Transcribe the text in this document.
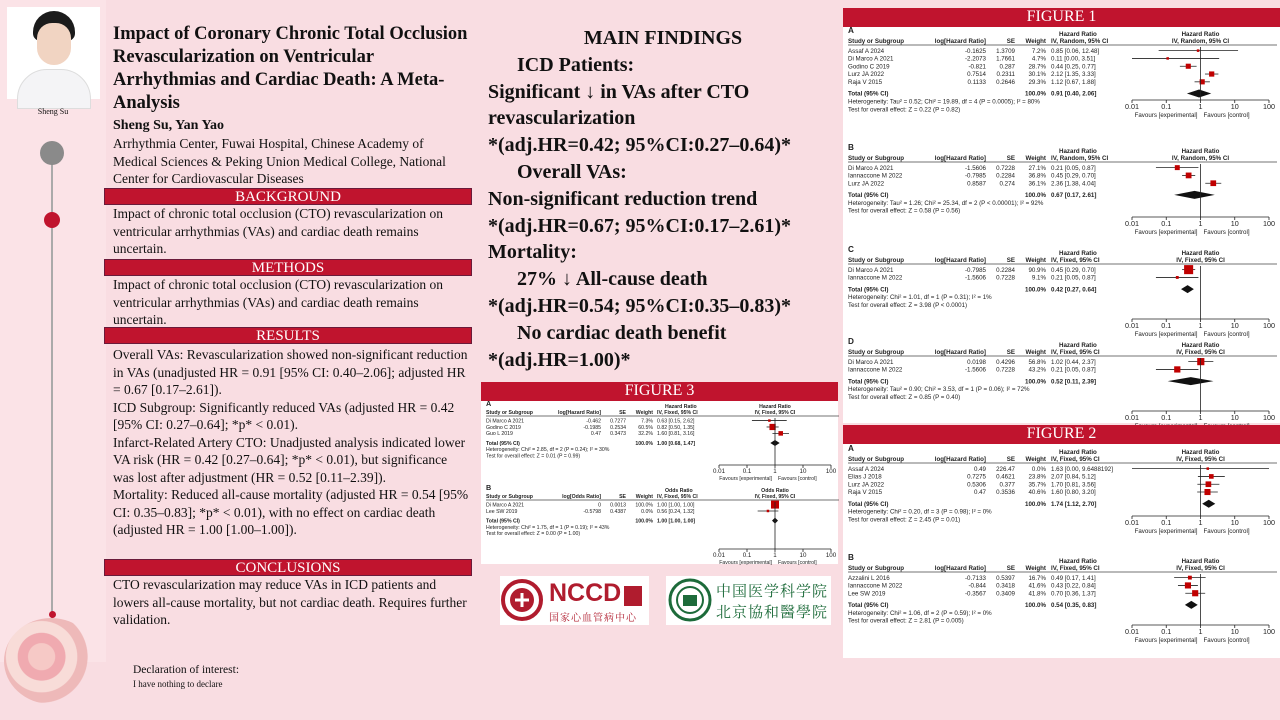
Sheng Su
Impact of Coronary Chronic Total Occlusion Revascularization on Ventricular Arrhythmias and Cardiac Death: A Meta-Analysis
Sheng Su, Yan Yao
Arrhythmia Center, Fuwai Hospital, Chinese Academy of Medical Sciences & Peking Union Medical College, National Center for Cardiovascular Diseases
BACKGROUND
Impact of chronic total occlusion (CTO) revascularization on ventricular arrhythmias (VAs) and cardiac death remains uncertain.
METHODS
Impact of chronic total occlusion (CTO) revascularization on ventricular arrhythmias (VAs) and cardiac death remains uncertain.
RESULTS
Overall VAs: Revascularization showed non-significant reduction in VAs (unadjusted HR = 0.91 [95% CI: 0.40–2.06]; adjusted HR = 0.67 [0.17–2.61]).
ICD Subgroup: Significantly reduced VAs (adjusted HR = 0.42 [95% CI: 0.27–0.64]; *p* < 0.01).
Infarct-Related Artery CTO: Unadjusted analysis indicated lower VA risk (HR = 0.42 [0.27–0.64]; *p* < 0.01), but significance was lost after adjustment (HR = 0.52 [0.11–2.39]).
Mortality: Reduced all-cause mortality (adjusted HR = 0.54 [95% CI: 0.35–0.83]; *p* < 0.01), with no effect on cardiac death (adjusted HR = 1.00 [1.00–1.00]).
CONCLUSIONS
CTO revascularization may reduce VAs in ICD patients and lowers all-cause mortality, but not cardiac death. Requires further validation.
Declaration of interest:
I have nothing to declare
MAIN FINDINGS
ICD Patients:
Significant ↓ in VAs after CTO
revascularization
*(adj.HR=0.42; 95%CI:0.27–0.64)*
Overall VAs:
Non-significant reduction trend
*(adj.HR=0.67; 95%CI:0.17–2.61)*
Mortality:
27% ↓ All-cause death
*(adj.HR=0.54; 95%CI:0.35–0.83)*
No cardiac death benefit
*(adj.HR=1.00)*
FIGURE 3
A	Hazard Ratio
IV, Fixed, 95% CI
Hazard Ratio
IV, Fixed, 95% CI
Study or Subgroup	log[Hazard Ratio]	SE Weight
Di Marco A 2021	-0.462 0.7277	7.3% 0.63 [0.15, 2.62]
Godino C 2019	-0.1985 0.2534 60.5% 0.82 [0.50, 1.35]
Guo L 2019	0.47 0.3473 32.2% 1.60 [0.81, 3.16]
Total (95% CI)	100.0% 1.00 [0.68, 1.47]
Heterogeneity: Chi² = 2.85, df = 2 (P = 0.24); I² = 30%
Test for overall effect: Z = 0.01 (P = 0.99)
0.01	0.1	1	10	100
Favours [experimental] Favours [control]
B	Odds Ratio
IV, Fixed, 95% CI
Odds Ratio
IV, Fixed, 95% CI
Study or Subgroup	log[Odds Ratio]	SE Weight
Di Marco A 2021	0 0.0013 100.0% 1.00 [1.00, 1.00]
Lee SW 2019	-0.5798 0.4387	0.0% 0.56 [0.24, 1.32]
Total (95% CI)	100.0% 1.00 [1.00, 1.00]
Heterogeneity: Chi² = 1.75, df = 1 (P = 0.19); I² = 43%
Test for overall effect: Z = 0.00 (P = 1.00)
0.01	0.1	1	10	100
Favours [experimental] Favours [control]
NCCD
国家心血管病中心
中国医学科学院
北京協和醫學院
FIGURE 1
A	Hazard Ratio
IV, Random, 95% CI
Hazard Ratio
IV, Random, 95% CI
Study or Subgroup	log[Hazard Ratio]	SE Weight
Assaf A 2024	-0.1625 1.3709	7.2% 0.85 [0.06, 12.48]
Di Marco A 2021	-2.2073 1.7661	4.7% 0.11 [0.00, 3.51]
Godino C 2019	-0.821 0.287 28.7% 0.44 [0.25, 0.77]
Lurz JA 2022	0.7514 0.2311 30.1% 2.12 [1.35, 3.33]
Raja V 2015	0.1133 0.2646 29.3% 1.12 [0.67, 1.88]
Total (95% CI)	100.0% 0.91 [0.40, 2.06]
Heterogeneity: Tau² = 0.52; Chi² = 19.89, df = 4 (P = 0.0005); I² = 80%
Test for overall effect: Z = 0.22 (P = 0.82)	0.01	0.1	1	10	100
Favours [experimental] Favours [control]
B	Hazard Ratio
IV, Random, 95% CI
Hazard Ratio
IV, Random, 95% CI
Study or Subgroup	log[Hazard Ratio]	SE Weight
Di Marco A 2021	-1.5606 0.7228 27.1% 0.21 [0.05, 0.87]
Iannaccone M 2022	-0.7985 0.2284 36.8% 0.45 [0.29, 0.70]
Lurz JA 2022	0.8587 0.274 36.1% 2.36 [1.38, 4.04]
Total (95% CI)	100.0% 0.67 [0.17, 2.61]
Heterogeneity: Tau² = 1.26; Chi² = 25.34, df = 2 (P < 0.00001); I² = 92%
Test for overall effect: Z = 0.58 (P = 0.56)
0.01	0.1	1	10	100
Favours [experimental] Favours [control]
C	Hazard Ratio
IV, Fixed, 95% CI
Hazard Ratio
IV, Fixed, 95% CI
Study or Subgroup	log[Hazard Ratio]	SE Weight
Di Marco A 2021	-0.7985 0.2284 90.9% 0.45 [0.29, 0.70]
Iannaccone M 2022	-1.5606 0.7228	9.1% 0.21 [0.05, 0.87]
Total (95% CI)	100.0% 0.42 [0.27, 0.64]
Heterogeneity: Chi² = 1.01, df = 1 (P = 0.31); I² = 1%
Test for overall effect: Z = 3.98 (P < 0.0001)
0.01	0.1	1	10	100
Favours [experimental] Favours [control]
D	Hazard Ratio
IV, Fixed, 95% CI
Hazard Ratio
IV, Fixed, 95% CI
Study or Subgroup	log[Hazard Ratio]	SE Weight
Di Marco A 2021	0.0198 0.4296 56.8% 1.02 [0.44, 2.37]
Iannaccone M 2022	-1.5606 0.7228 43.2% 0.21 [0.05, 0.87]
Total (95% CI)	100.0% 0.52 [0.11, 2.39]
Heterogeneity: Tau² = 0.90; Chi² = 3.53, df = 1 (P = 0.06); I² = 72%
Test for overall effect: Z = 0.85 (P = 0.40)
0.01	0.1	1	10	100
FIGURE 2
A	Hazard Ratio
IV, Fixed, 95% CI
Hazard Ratio
IV, Fixed, 95% CI
Study or Subgroup	log[Hazard Ratio]	SE Weight
Assaf A 2024	0.49 226.47	0.0% 1.63 [0.00, 9.6488192]
Elias J 2018	0.7275 0.4621 23.8% 2.07 [0.84, 5.12]
Lurz JA 2022	0.5306 0.377 35.7% 1.70 [0.81, 3.56]
Raja V 2015	0.47 0.3536 40.6% 1.60 [0.80, 3.20]
Total (95% CI)	100.0% 1.74 [1.12, 2.70]
Heterogeneity: Chi² = 0.20, df = 3 (P = 0.98); I² = 0%
Test for overall effect: Z = 2.45 (P = 0.01)	0.01	0.1	1	10	100
Favours [experimental] Favours [control]
B	Hazard Ratio
IV, Fixed, 95% CI
Hazard Ratio
IV, Fixed, 95% CI
Study or Subgroup	log[Hazard Ratio]	SE Weight
Azzalini L 2016	-0.7133 0.5397 16.7% 0.49 [0.17, 1.41]
Iannaccone M 2022	-0.844 0.3418 41.6% 0.43 [0.22, 0.84]
Lee SW 2019	-0.3567 0.3409 41.8% 0.70 [0.36, 1.37]
Total (95% CI)	100.0% 0.54 [0.35, 0.83]
Heterogeneity: Chi² = 1.06, df = 2 (P = 0.59); I² = 0%
Test for overall effect: Z = 2.81 (P = 0.005)
0.01	0.1	1	10	100
Favours [experimental] Favours [control]
